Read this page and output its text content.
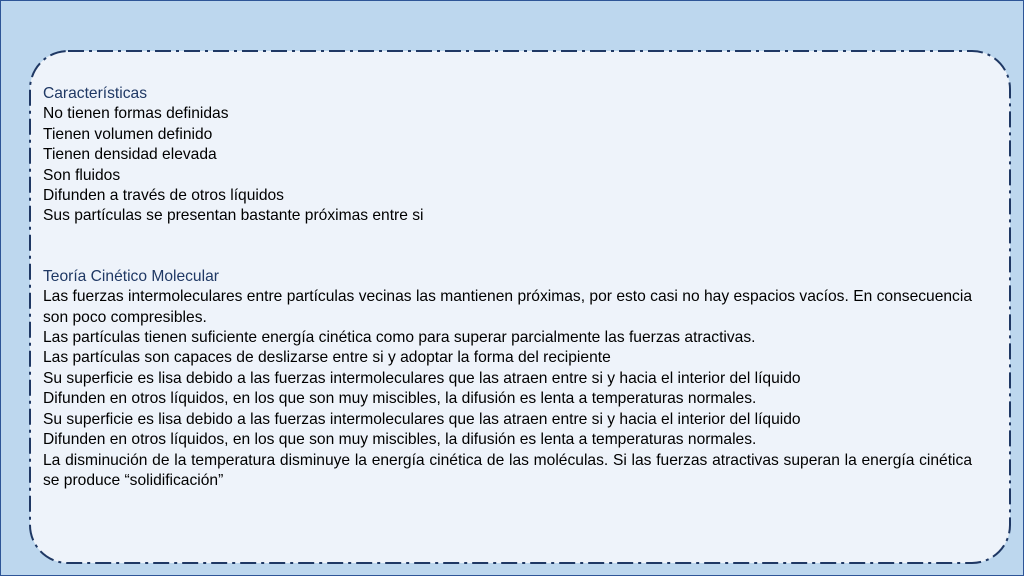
Características

No tienen formas definidas

Tienen volumen definido

Tienen densidad elevada

Son fluidos

Difunden a través de otros líquidos

Sus partículas se presentan bastante próximas entre si

Teoría Cinético Molecular

Las fuerzas intermoleculares entre partículas vecinas las mantienen próximas, por esto casi no hay espacios vacíos. En consecuencia son poco compresibles.

Las partículas tienen suficiente energía cinética como para superar parcialmente las fuerzas atractivas.

Las partículas son capaces de deslizarse entre si y adoptar la forma del recipiente

Su superficie es lisa debido a las fuerzas intermoleculares que las atraen entre si y hacia el interior del líquido

Difunden en otros líquidos, en los que son muy miscibles, la difusión es lenta a temperaturas normales.

Su superficie es lisa debido a las fuerzas intermoleculares que las atraen entre si y hacia el interior del líquido

Difunden en otros líquidos, en los que son muy miscibles, la difusión es lenta a temperaturas normales.

La disminución de la temperatura disminuye la energía cinética de las moléculas. Si las fuerzas atractivas superan la energía cinética se produce “solidificación”
